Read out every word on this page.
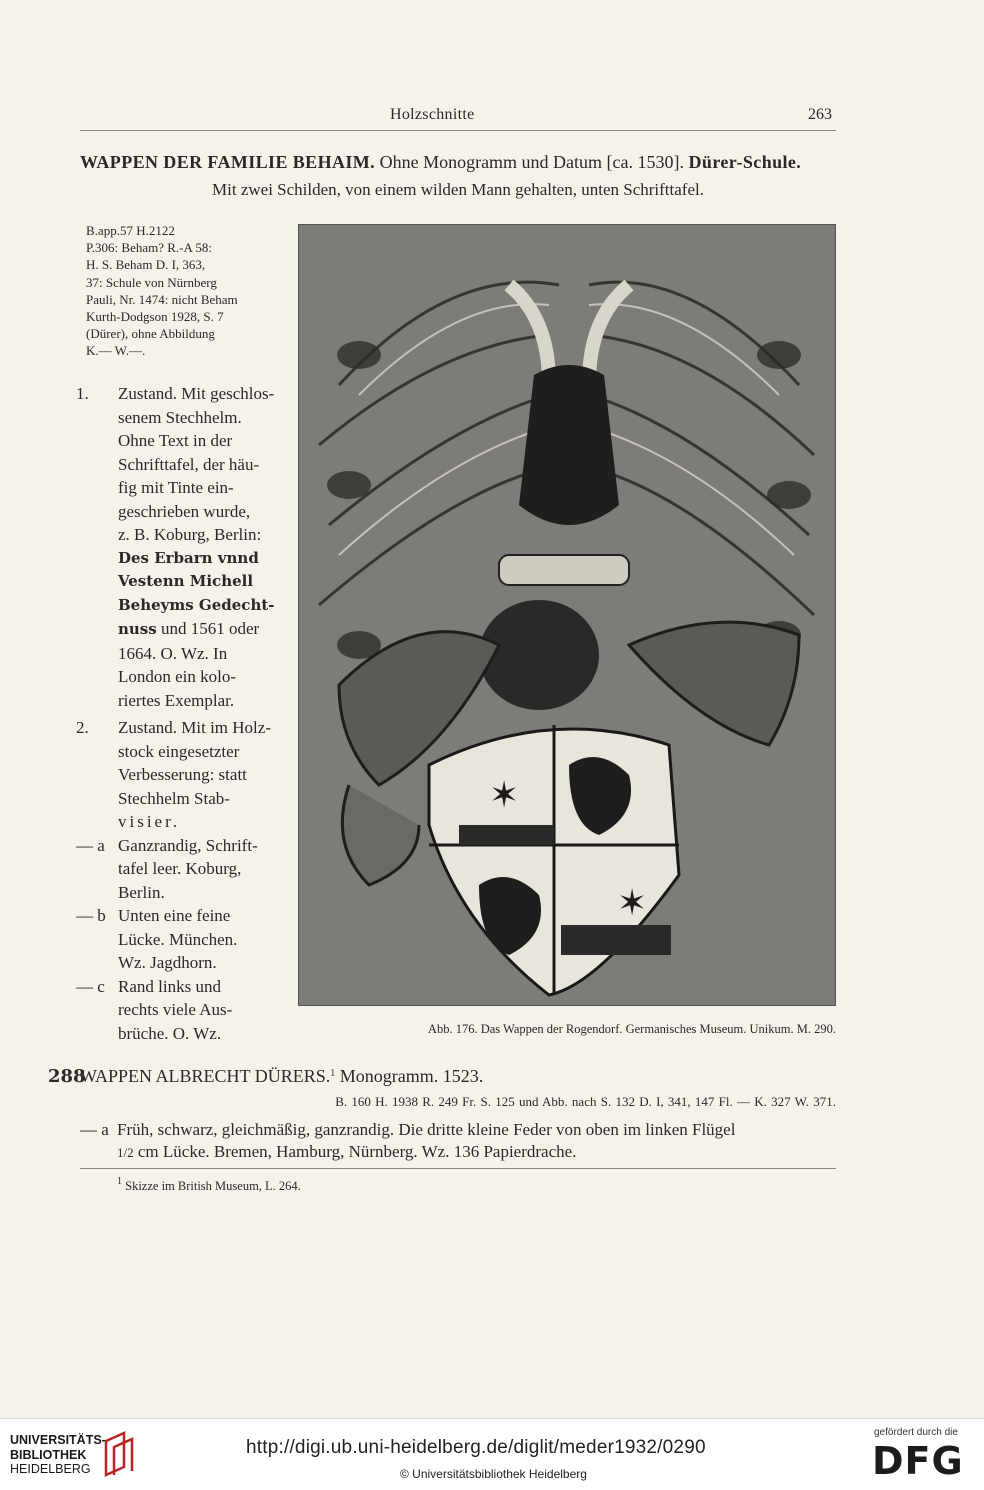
Holzschnitte	263
WAPPEN DER FAMILIE BEHAIM. Ohne Monogramm und Datum [ca. 1530]. Dürer-Schule.
Mit zwei Schilden, von einem wilden Mann gehalten, unten Schrifttafel.
B.app.57 H.2122
P.306: Beham? R.-A 58:
H. S. Beham D. I, 363,
37: Schule von Nürnberg
Pauli, Nr. 1474: nicht Beham
Kurth-Dodgson 1928, S. 7
(Dürer), ohne Abbildung
K.— W.—.
1. Zustand. Mit geschlos-
senem Stechhelm.
Ohne Text in der
Schrifttafel, der häu-
fig mit Tinte ein-
geschrieben wurde,
z. B. Koburg, Berlin:
Des Erbarn vnnd
Vestenn Michell
Beheyms Gedecht-
nuss und 1561 oder
1664. O. Wz. In
London ein kolo-
riertes Exemplar.
2. Zustand. Mit im Holz-
stock eingesetzter
Verbesserung: statt
Stechhelm Stab-
visier.
— a Ganzrandig, Schrift-
tafel leer. Koburg,
Berlin.
— b Unten eine feine
Lücke. München.
Wz. Jagdhorn.
— c Rand links und
rechts viele Aus-
brüche. O. Wz.
✶
✶
Abb. 176. Das Wappen der Rogendorf. Germanisches Museum. Unikum. M. 290.
288
WAPPEN ALBRECHT DÜRERS.$^1$ Monogramm. 1523.
B. 160 H. 1938 R. 249 Fr. S. 125 und Abb. nach S. 132 D. I, 341, 147 Fl. — K. 327 W. 371.
— a Früh, schwarz, gleichmäßig, ganzrandig. Die dritte kleine Feder von oben im linken Flügel
1/2 cm Lücke. Bremen, Hamburg, Nürnberg. Wz. 136 Papierdrache.
$^1$ Skizze im British Museum, L. 264.
UNIVERSITÄTS-
BIBLIOTHEK
HEIDELBERG
http://digi.ub.uni-heidelberg.de/diglit/meder1932/0290
© Universitätsbibliothek Heidelberg
gefördert durch die
DFG
